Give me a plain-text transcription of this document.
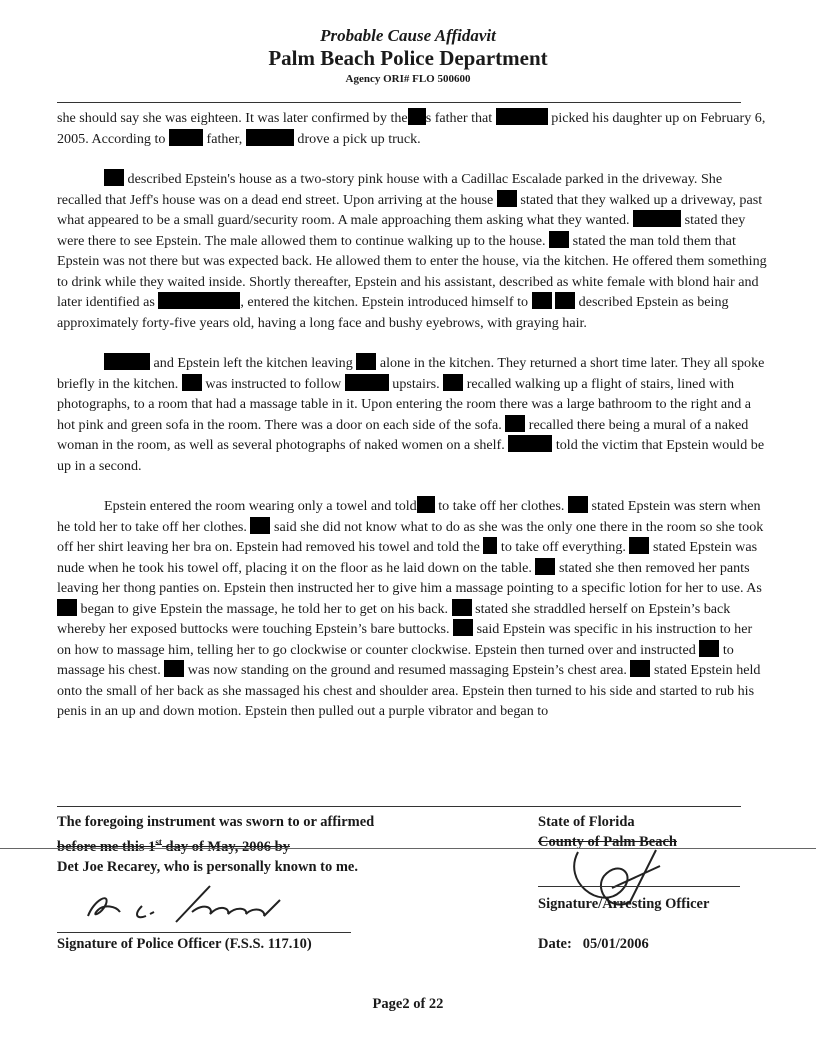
Probable Cause Affidavit
Palm Beach Police Department
Agency ORI# FLO 500600

she should say she was eighteen. It was later confirmed by the s father that	picked his daughter up on February 6, 2005. According to	father,	drove a pick up truck.

described Epstein's house as a two-story pink house with a Cadillac Escalade parked in the driveway. She recalled that Jeff's house was on a dead end street. Upon arriving at the house stated that they walked up a driveway, past what appeared to be a small guard/security room. A male approaching them asking what they wanted.	stated they were there to see Epstein. The male allowed them to continue walking up to the house. stated the man told them that Epstein was not there but was expected back. He allowed them to enter the house, via the kitchen. He offered them something to drink while they waited inside. Shortly thereafter, Epstein and his assistant, described as white female with blond hair and later identified as	, entered the kitchen. Epstein introduced himself to	described Epstein as being approximately forty-five years old, having a long face and bushy eyebrows, with graying hair.

and Epstein left the kitchen leaving alone in the kitchen. They returned a short time later. They all spoke briefly in the kitchen. was instructed to follow	upstairs. recalled walking up a flight of stairs, lined with photographs, to a room that had a massage table in it. Upon entering the room there was a large bathroom to the right and a hot pink and green sofa in the room. There was a door on each side of the sofa. recalled there being a mural of a naked woman in the room, as well as several photographs of naked women on a shelf.	told the victim that Epstein would be up in a second.

Epstein entered the room wearing only a towel and told to take off her clothes. stated Epstein was stern when he told her to take off her clothes. said she did not know what to do as she was the only one there in the room so she took off her shirt leaving her bra on. Epstein had removed his towel and told the to take off everything. stated Epstein was nude when he took his towel off, placing it on the floor as he laid down on the table. stated she then removed her pants leaving her thong panties on. Epstein then instructed her to give him a massage pointing to a specific lotion for her to use. As  began to give Epstein the massage, he told her to get on his back. stated she straddled herself on Epstein’s back whereby her exposed buttocks were touching Epstein’s bare buttocks. said Epstein was specific in his instruction to her on how to massage him, telling her to go clockwise or counter clockwise. Epstein then turned over and instructed to massage his chest. was now standing on the ground and resumed massaging Epstein’s chest area. stated Epstein held onto the small of her back as she massaged his chest and shoulder area. Epstein then turned to his side and started to rub his penis in an up and down motion. Epstein then pulled out a purple vibrator and began to

The foregoing instrument was sworn to or affirmed
before me this 1st day of May, 2006 by
Det Joe Recarey, who is personally known to me.
State of Florida
County of Palm Beach
Signature of Police Officer (F.S.S. 117.10)
Signature/Arresting Officer
Date: 05/01/2006
Page2 of 22
